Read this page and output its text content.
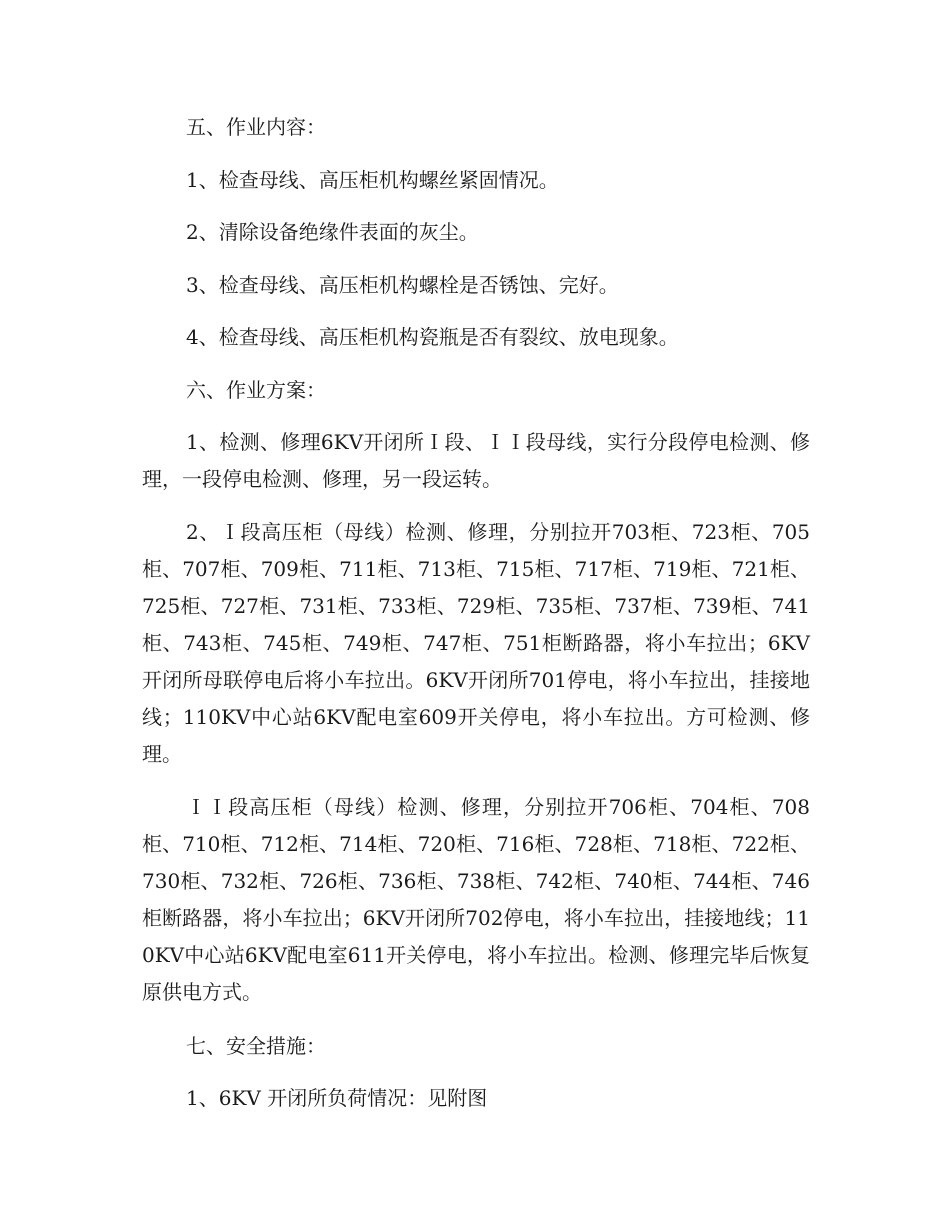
五、作业内容：

1、检查母线、高压柜机构螺丝紧固情况。

2、清除设备绝缘件表面的灰尘。

3、检查母线、高压柜机构螺栓是否锈蚀、完好。

4、检查母线、高压柜机构瓷瓶是否有裂纹、放电现象。

六、作业方案：

1、检测、修理6KV开闭所Ｉ段、ＩＩ段母线，实行分段停电检测、修理，一段停电检测、修理，另一段运转。

2、Ｉ段高压柜（母线）检测、修理，分别拉开703柜、723柜、705柜、707柜、709柜、711柜、713柜、715柜、717柜、719柜、721柜、725柜、727柜、731柜、733柜、729柜、735柜、737柜、739柜、741柜、743柜、745柜、749柜、747柜、751柜断路器，将小车拉出；6KV开闭所母联停电后将小车拉出。6KV开闭所701停电，将小车拉出，挂接地线；110KV中心站6KV配电室609开关停电，将小车拉出。方可检测、修理。

ＩＩ段高压柜（母线）检测、修理，分别拉开706柜、704柜、708柜、710柜、712柜、714柜、720柜、716柜、728柜、718柜、722柜、730柜、732柜、726柜、736柜、738柜、742柜、740柜、744柜、746柜断路器，将小车拉出；6KV开闭所702停电，将小车拉出，挂接地线；110KV中心站6KV配电室611开关停电，将小车拉出。检测、修理完毕后恢复原供电方式。

七、安全措施：

1、6KV 开闭所负荷情况：见附图
